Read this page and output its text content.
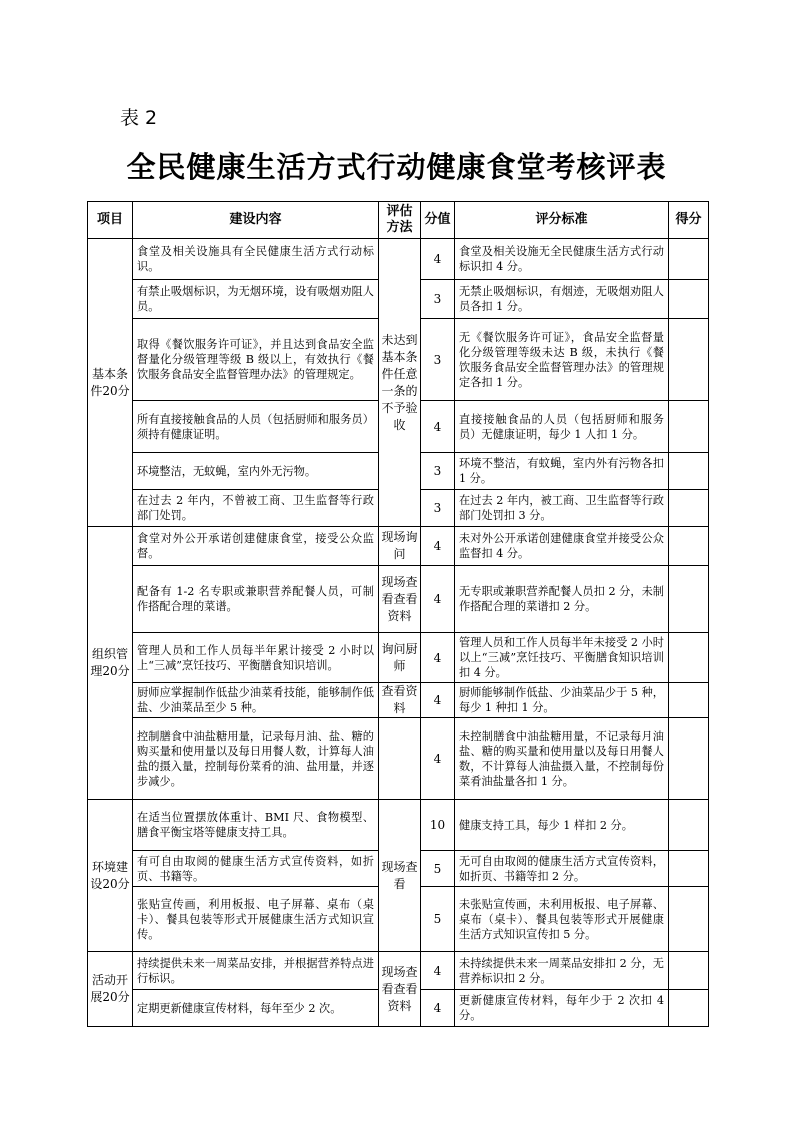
表 2
全民健康生活方式行动健康食堂考核评表
项目	建设内容	评估方法	分值	评分标准	得分
基本条件20分	食堂及相关设施具有全民健康生活方式行动标识。	未达到基本条件任意一条的不予验收	4	食堂及相关设施无全民健康生活方式行动标识扣 4 分。	
	有禁止吸烟标识，为无烟环境，设有吸烟劝阻人员。		3	无禁止吸烟标识，有烟迹，无吸烟劝阻人员各扣 1 分。	
	取得《餐饮服务许可证》，并且达到食品安全监督量化分级管理等级 B 级以上，有效执行《餐饮服务食品安全监督管理办法》的管理规定。		3	无《餐饮服务许可证》，食品安全监督量化分级管理等级未达 B 级，未执行《餐饮服务食品安全监督管理办法》的管理规定各扣 1 分。	
	所有直接接触食品的人员（包括厨师和服务员）须持有健康证明。		4	直接接触食品的人员（包括厨师和服务员）无健康证明，每少 1 人扣 1 分。	
	环境整洁，无蚊蝇，室内外无污物。		3	环境不整洁，有蚊蝇，室内外有污物各扣 1 分。	
	在过去 2 年内，不曾被工商、卫生监督等行政部门处罚。		3	在过去 2 年内，被工商、卫生监督等行政部门处罚扣 3 分。	
组织管理20分	食堂对外公开承诺创建健康食堂，接受公众监督。	现场询问	4	未对外公开承诺创建健康食堂并接受公众监督扣 4 分。	
	配备有 1-2 名专职或兼职营养配餐人员，可制作搭配合理的菜谱。	现场查看查看资料	4	无专职或兼职营养配餐人员扣 2 分，未制作搭配合理的菜谱扣 2 分。	
	管理人员和工作人员每半年累计接受 2 小时以上“三减”烹饪技巧、平衡膳食知识培训。	询问厨师	4	管理人员和工作人员每半年未接受 2 小时以上“三减”烹饪技巧、平衡膳食知识培训扣 4 分。	
	厨师应掌握制作低盐少油菜肴技能，能够制作低盐、少油菜品至少 5 种。	查看资料	4	厨师能够制作低盐、少油菜品少于 5 种，每少 1 种扣 1 分。	
	控制膳食中油盐糖用量，记录每月油、盐、糖的购买量和使用量以及每日用餐人数，计算每人油盐的摄入量，控制每份菜肴的油、盐用量，并逐步减少。		4	未控制膳食中油盐糖用量，不记录每月油盐、糖的购买量和使用量以及每日用餐人数，不计算每人油盐摄入量，不控制每份菜肴油盐量各扣 1 分。	
环境建设20分	在适当位置摆放体重计、BMI 尺、食物模型、膳食平衡宝塔等健康支持工具。	现场查看	10	健康支持工具，每少 1 样扣 2 分。	
	有可自由取阅的健康生活方式宣传资料，如折页、书籍等。		5	无可自由取阅的健康生活方式宣传资料，如折页、书籍等扣 2 分。	
	张贴宣传画，利用板报、电子屏幕、桌布（桌卡）、餐具包装等形式开展健康生活方式知识宣传。		5	未张贴宣传画，未利用板报、电子屏幕、桌布（桌卡）、餐具包装等形式开展健康生活方式知识宣传扣 5 分。	
活动开展20分	持续提供未来一周菜品安排，并根据营养特点进行标识。	现场查看查看资料	4	未持续提供未来一周菜品安排扣 2 分，无营养标识扣 2 分。	
	定期更新健康宣传材料，每年至少 2 次。		4	更新健康宣传材料，每年少于 2 次扣 4 分。	
